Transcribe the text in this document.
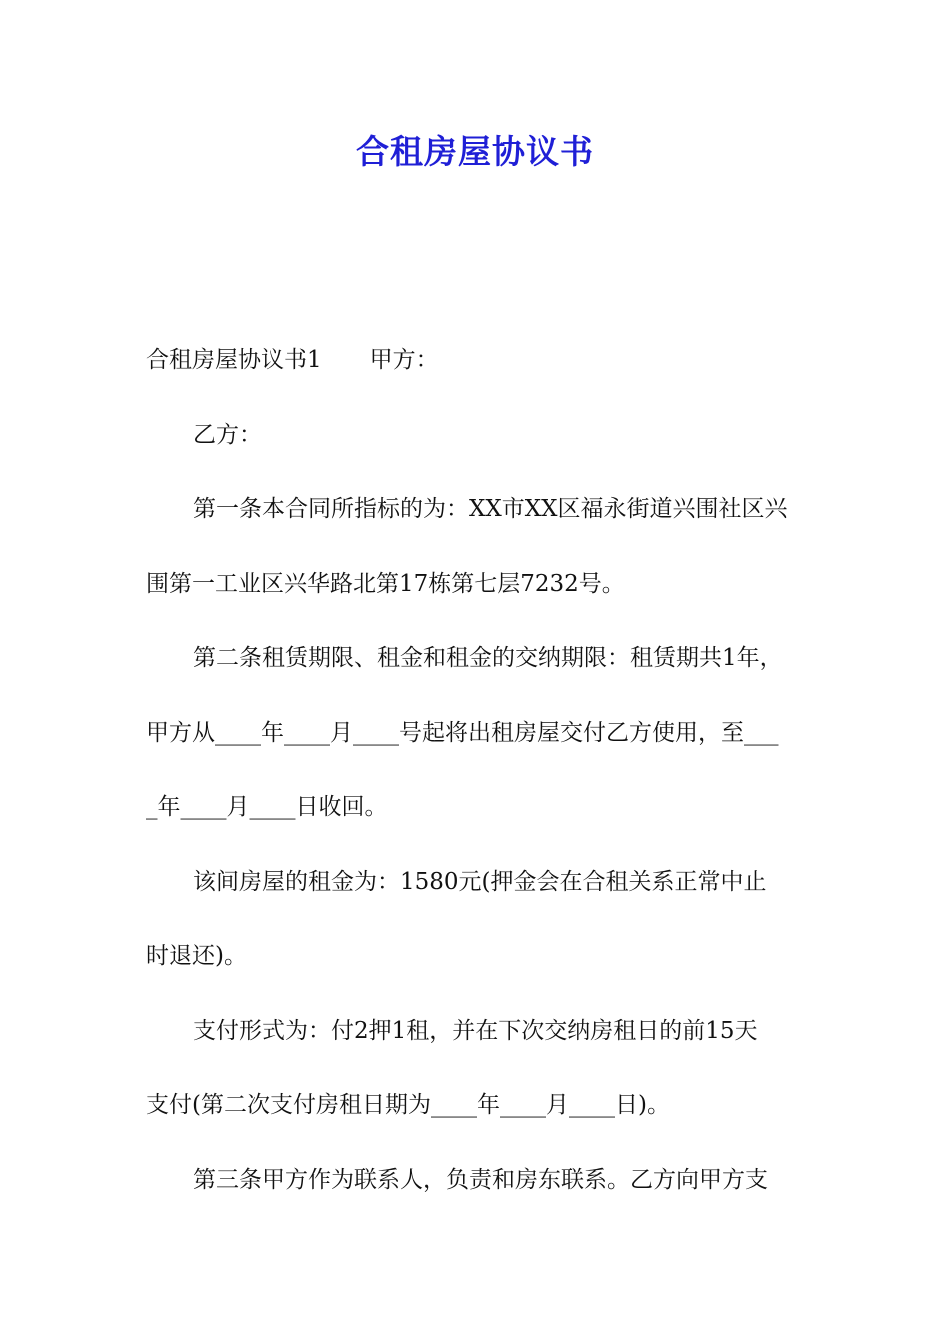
合租房屋协议书
合租房屋协议书1 甲方：
乙方：
第一条本合同所指标的为：XX市XX区福永街道兴围社区兴
围第一工业区兴华路北第17栋第七层7232号。
第二条租赁期限、租金和租金的交纳期限：租赁期共1年，
甲方从____年____月____号起将出租房屋交付乙方使用，至___
_年____月____日收回。
该间房屋的租金为：1580元(押金会在合租关系正常中止
时退还)。
支付形式为：付2押1租，并在下次交纳房租日的前15天
支付(第二次支付房租日期为____年____月____日)。
第三条甲方作为联系人，负责和房东联系。乙方向甲方支
